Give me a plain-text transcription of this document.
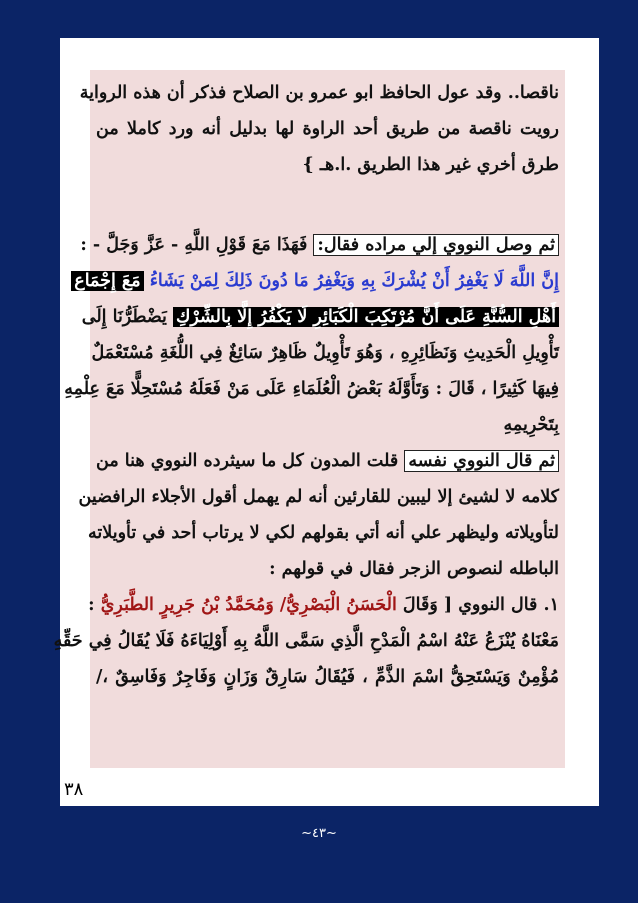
ناقصا.. وقد عول الحافظ ابو عمرو بن الصلاح فذكر أن هذه الرواية
رويت ناقصة من طريق أحد الراوة لها بدليل أنه ورد كاملا من
طرق أخري غير هذا الطريق .ا.هـ }
ثم وصل النووي إلي مراده فقال: فَهَذَا مَعَ قَوْلِ اللَّهِ - عَزَّ وَجَلَّ - :
إِنَّ اللَّهَ لَا يَغْفِرُ أَنْ يُشْرَكَ بِهِ وَيَغْفِرُ مَا دُونَ ذَلِكَ لِمَنْ يَشَاءُ مَعَ إِجْمَاعِ
أَهْلِ السُّنَّةِ عَلَى أَنَّ مُرْتَكِبَ الْكَبَائِرِ لَا يَكْفُرُ إِلَّا بِالشِّرْكِ يَضْطَرُّنَا إِلَى
تَأْوِيلِ الْحَدِيثِ وَنَظَائِرِهِ ، وَهُوَ تَأْوِيلٌ ظَاهِرٌ سَائِغٌ فِي اللُّغَةِ مُسْتَعْمَلٌ
فِيهَا كَثِيرًا ، قَالَ : وَتَأَوَّلَهُ بَعْضُ الْعُلَمَاءِ عَلَى مَنْ فَعَلَهُ مُسْتَحِلًّا مَعَ عِلْمِهِ
بِتَحْرِيمِهِ
ثم قال النووي نفسه قلت المدون كل ما سيثرده النووي هنا من
كلامه لا لشيئ إلا ليبين للقارئين أنه لم يهمل أقول الأجلاء الرافضين
لتأويلاته وليظهر علي أنه أتي بقولهم لكي لا يرتاب أحد في تأويلاته
الباطله لنصوص الزجر فقال في قولهم :
١. قال النووي [ وَقَالَ الْحَسَنُ الْبَصْرِيُّ/ وَمُحَمَّدُ بْنُ جَرِيرٍ الطَّبَرِيُّ :
مَعْنَاهُ يُنْزَعُ عَنْهُ اسْمُ الْمَدْحِ الَّذِي سَمَّى اللَّهُ بِهِ أَوْلِيَاءَهُ فَلَا يُقَالُ فِي حَقِّهِ
مُؤْمِنٌ وَيَسْتَحِقُّ اسْمَ الذَّمِّ ، فَيُقَالُ سَارِقٌ وَزَانٍ وَفَاجِرٌ وَفَاسِقٌ ،/
٣٨
~٤٣~
